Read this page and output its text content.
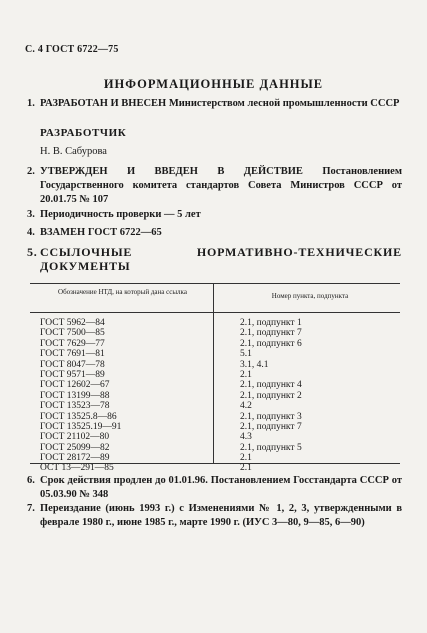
С. 4 ГОСТ 6722—75
ИНФОРМАЦИОННЫЕ ДАННЫЕ
1. РАЗРАБОТАН И ВНЕСЕН Министерством лесной промышленности СССР
РАЗРАБОТЧИК
Н. В. Сабурова
2. УТВЕРЖДЕН И ВВЕДЕН В ДЕЙСТВИЕ Постановлением Государственного комитета стандартов Совета Министров СССР от 20.01.75 № 107
3. Периодичность проверки — 5 лет
4. ВЗАМЕН ГОСТ 6722—65
5. ССЫЛОЧНЫЕ НОРМАТИВНО-ТЕХНИЧЕСКИЕ ДОКУМЕНТЫ
Обозначение НТД, на который дана ссылка	Номер пункта, подпункта
ГОСТ 5962—84	2.1, подпункт 1
ГОСТ 7500—85	2.1, подпункт 7
ГОСТ 7629—77	2.1, подпункт 6
ГОСТ 7691—81	5.1
ГОСТ 8047—78	3.1, 4.1
ГОСТ 9571—89	2.1
ГОСТ 12602—67	2.1, подпункт 4
ГОСТ 13199—88	2.1, подпункт 2
ГОСТ 13523—78	4.2
ГОСТ 13525.8—86	2.1, подпункт 3
ГОСТ 13525.19—91	2.1, подпункт 7
ГОСТ 21102—80	4.3
ГОСТ 25099—82	2.1, подпункт 5
ГОСТ 28172—89	2.1
ОСТ 13—291—85	2.1
6. Срок действия продлен до 01.01.96. Постановлением Госстандарта СССР от 05.03.90 № 348
7. Переиздание (июнь 1993 г.) с Изменениями № 1, 2, 3, утвержденными в феврале 1980 г., июне 1985 г., марте 1990 г. (ИУС 3—80, 9—85, 6—90)
